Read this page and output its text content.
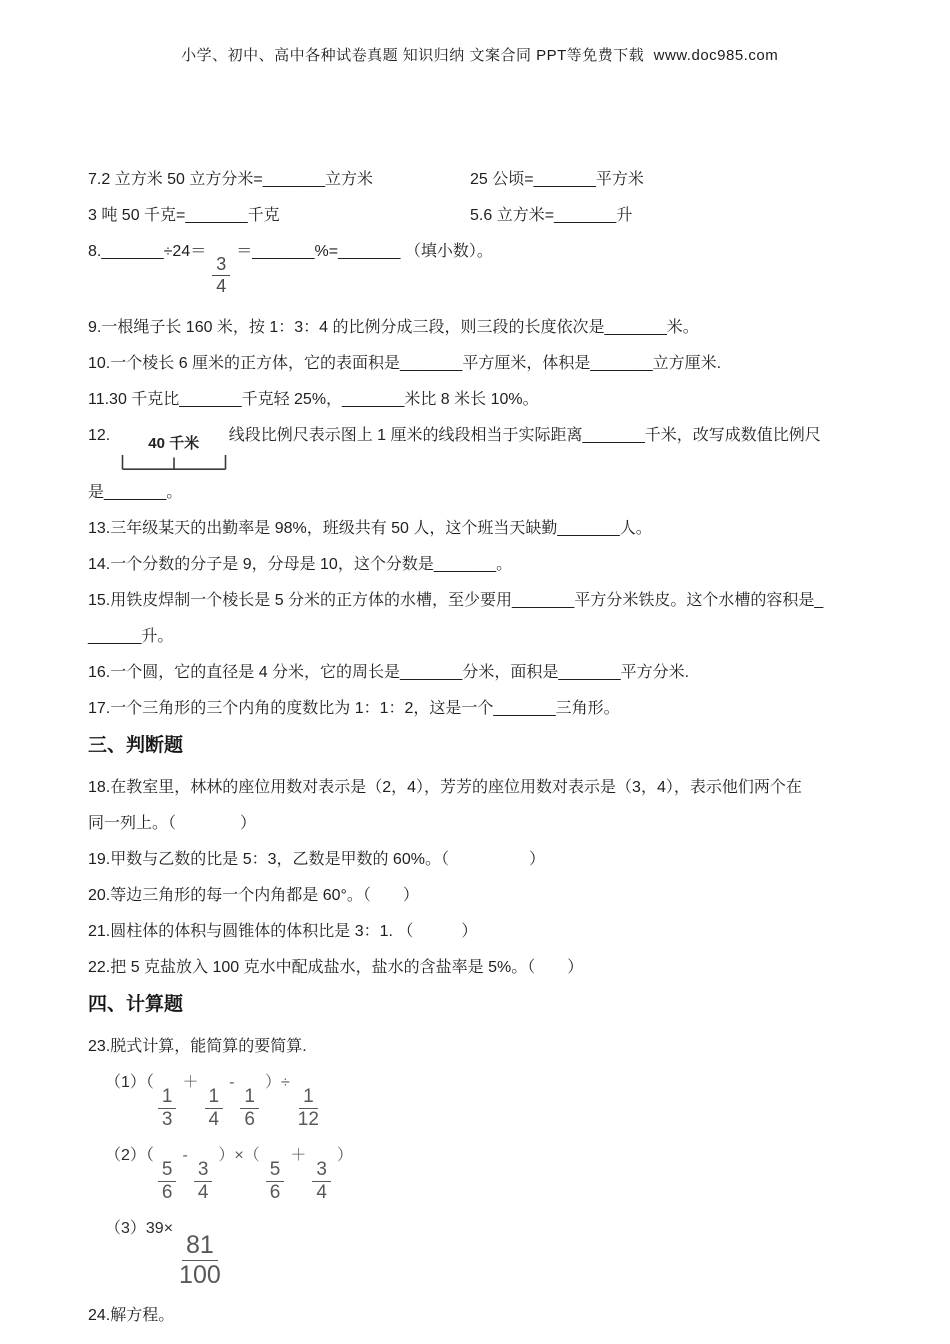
小学、初中、高中各种试卷真题 知识归纳 文案合同 PPT等免费下载  www.doc985.com

7.2 立方米 50 立方分米=_______立方米	25 公顷=_______平方米
3 吨 50 千克=_______千克	5.6 立方米=_______升
8._______÷24＝
$\frac{3}{4}$
＝_______%=_______ （填小数）。
9.一根绳子长 160 米，按 1：3：4 的比例分成三段，则三段的长度依次是_______米。
10.一个棱长 6 厘米的正方体，它的表面积是_______平方厘米，体积是_______立方厘米.
11.30 千克比_______千克轻 25%，_______米比 8 米长 10%。
12.	40 千米	线段比例尺表示图上 1 厘米的线段相当于实际距离_______千米，改写成数值比例尺
是_______。
13.三年级某天的出勤率是 98%，班级共有 50 人，这个班当天缺勤_______人。
14.一个分数的分子是 9，分母是 10，这个分数是_______。
15.用铁皮焊制一个棱长是 5 分米的正方体的水槽，至少要用_______平方分米铁皮。这个水槽的容积是_
______升。
16.一个圆，它的直径是 4 分米，它的周长是_______分米，面积是_______平方分米.
17.一个三角形的三个内角的度数比为 1：1：2，这是一个_______三角形。
三、判断题
18.在教室里，林林的座位用数对表示是（2，4），芳芳的座位用数对表示是（3，4），表示他们两个在
同一列上。（　　　　）
19.甲数与乙数的比是 5：3，乙数是甲数的 60%。（　　　　　）
20.等边三角形的每一个内角都是 60°。（　　）
21.圆柱体的体积与圆锥体的体积比是 3：1. （　　　）
22.把 5 克盐放入 100 克水中配成盐水，盐水的含盐率是 5%。（　　）
四、计算题
23.脱式计算，能简算的要简算.
（1）（
$\frac{1}{3}$
＋
$\frac{1}{4}$
-
$\frac{1}{6}$
）÷
$\frac{1}{12}$
（2）（
$\frac{5}{6}$
-
$\frac{3}{4}$
）×（
$\frac{5}{6}$
＋
$\frac{3}{4}$
）
（3）39×
$\frac{81}{100}$
24.解方程。
